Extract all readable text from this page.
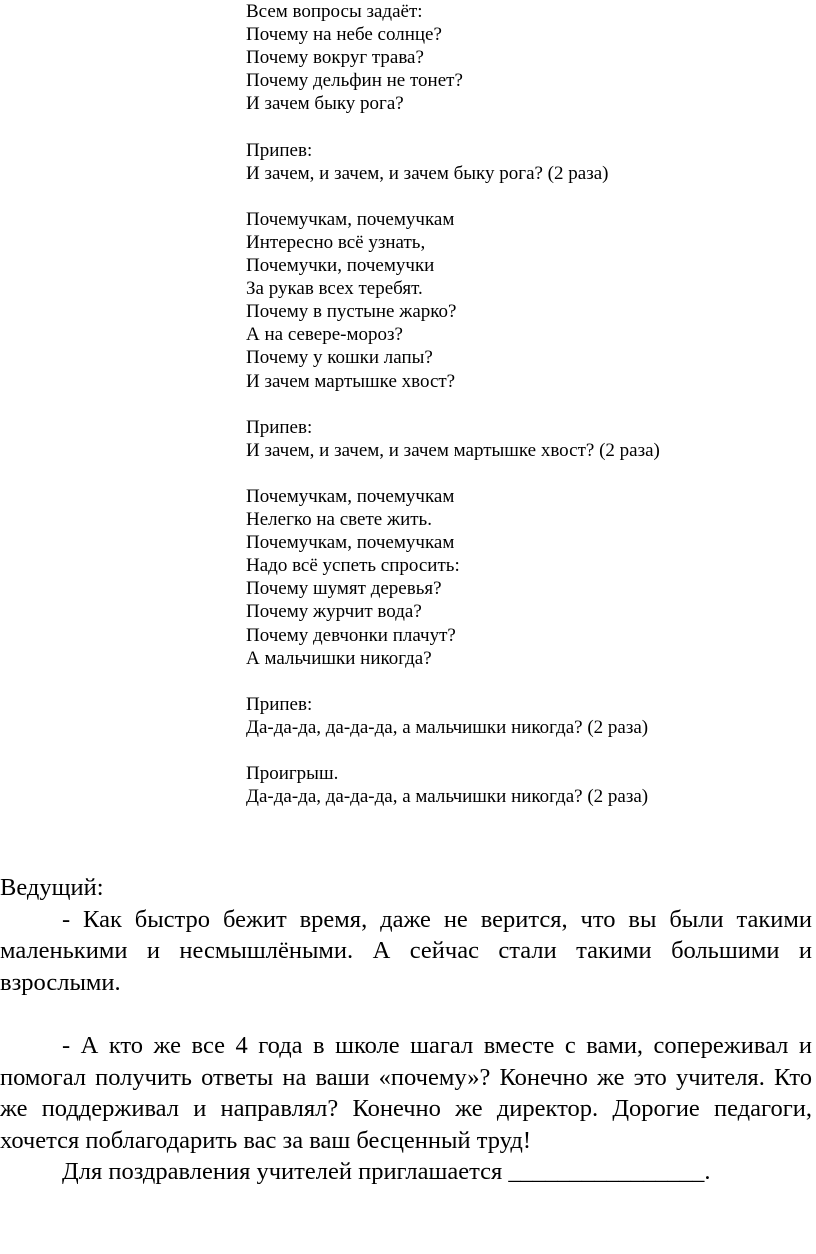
Всем вопросы задаёт:
Почему на небе солнце?
Почему вокруг трава?
Почему дельфин не тонет?
И зачем быку рога?
Припев:
И зачем, и зачем, и зачем быку рога? (2 раза)
Почемучкам, почемучкам
Интересно всё узнать,
Почемучки, почемучки
За рукав всех теребят.
Почему в пустыне жарко?
А на севере-мороз?
Почему у кошки лапы?
И зачем мартышке хвост?
Припев:
И зачем, и зачем, и зачем мартышке хвост? (2 раза)
Почемучкам, почемучкам
Нелегко на свете жить.
Почемучкам, почемучкам
Надо всё успеть спросить:
Почему шумят деревья?
Почему журчит вода?
Почему девчонки плачут?
А мальчишки никогда?
Припев:
Да-да-да, да-да-да, а мальчишки никогда? (2 раза)
Проигрыш.
Да-да-да, да-да-да, а мальчишки никогда? (2 раза)

Ведущий:

- Как быстро бежит время, даже не верится, что вы были такими маленькими и несмышлёными. А сейчас стали такими большими и взрослыми.

- А кто же все 4 года в школе шагал вместе с вами, сопереживал и помогал получить ответы на ваши «почему»? Конечно же это учителя. Кто же поддерживал и направлял? Конечно же директор. Дорогие педагоги, хочется поблагодарить вас за ваш бесценный труд!

Для поздравления учителей приглашается ________________.
